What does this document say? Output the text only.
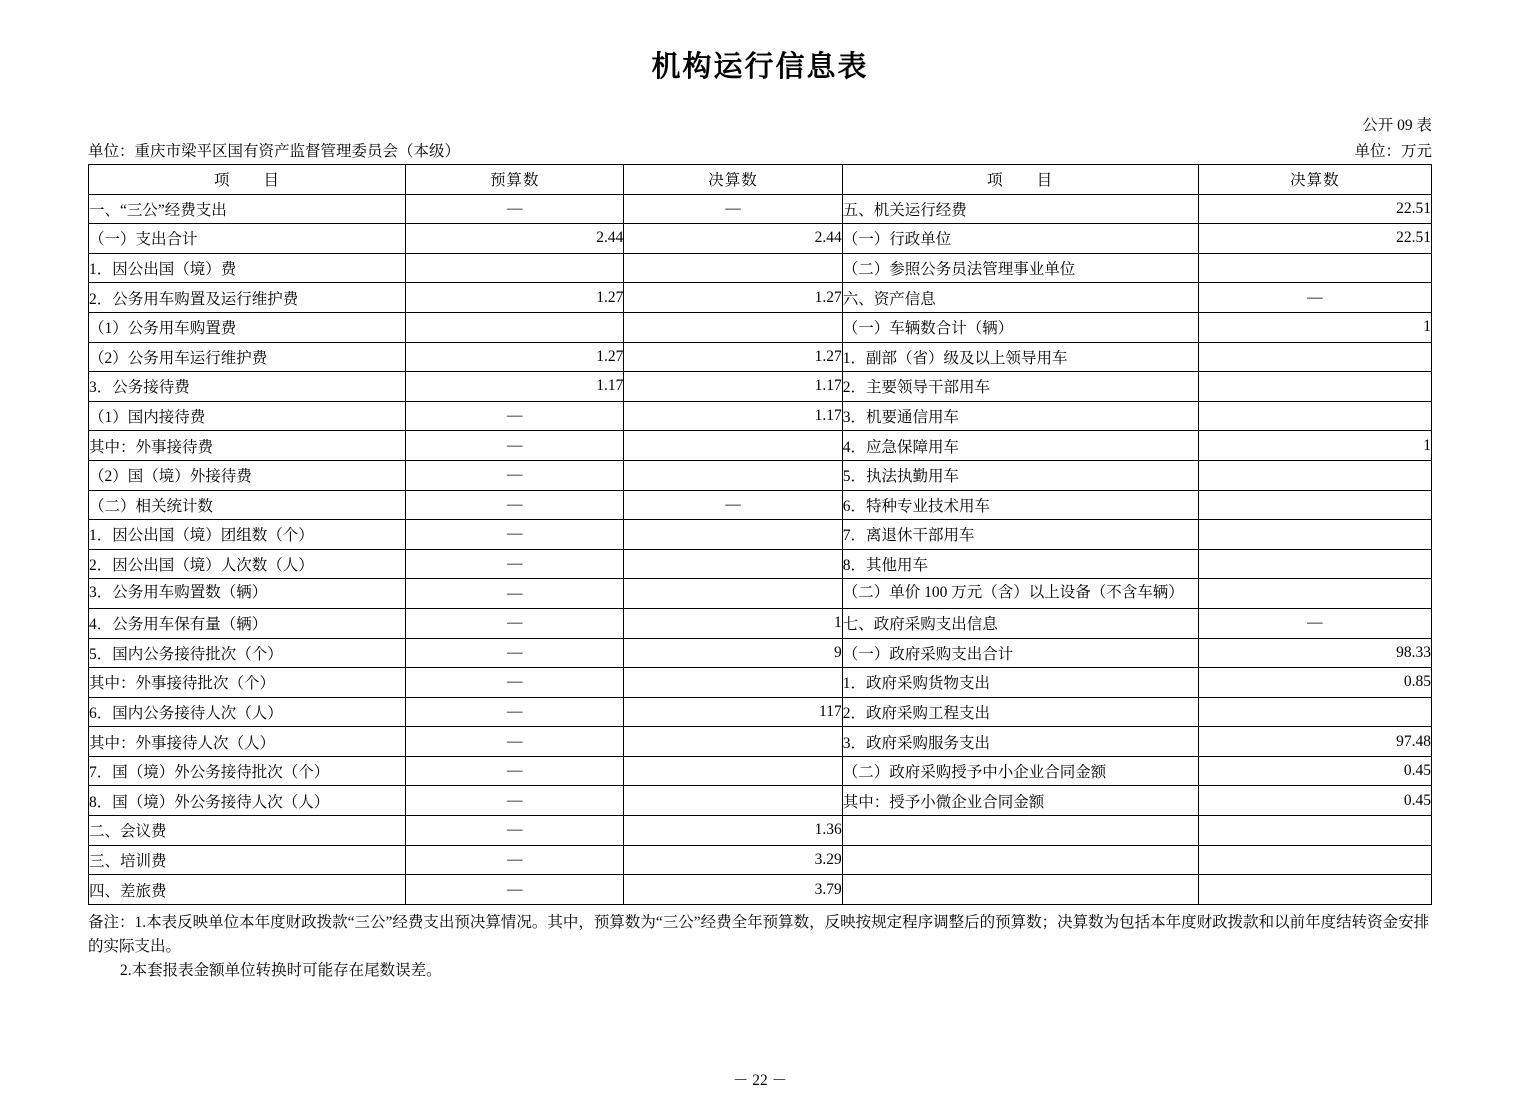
机构运行信息表
公开 09 表
单位：重庆市梁平区国有资产监督管理委员会（本级）	单位：万元
项　　目	预算数	决算数	项　　目	决算数
一、“三公”经费支出	—	—	五、机关运行经费	22.51
（一）支出合计	2.44	2.44	（一）行政单位	22.51
1．因公出国（境）费			（二）参照公务员法管理事业单位	
2．公务用车购置及运行维护费	1.27	1.27	六、资产信息	—
（1）公务用车购置费			（一）车辆数合计（辆）	1
（2）公务用车运行维护费	1.27	1.27	1．副部（省）级及以上领导用车	
3．公务接待费	1.17	1.17	2．主要领导干部用车	
（1）国内接待费	—	1.17	3．机要通信用车	
其中：外事接待费	—		4．应急保障用车	1
（2）国（境）外接待费	—		5．执法执勤用车	
（二）相关统计数	—	—	6．特种专业技术用车	
1．因公出国（境）团组数（个）	—		7．离退休干部用车	
2．因公出国（境）人次数（人）	—		8．其他用车	
3．公务用车购置数（辆）	—		（二）单价 100 万元（含）以上设备（不含车辆）	
4．公务用车保有量（辆）	—	1	七、政府采购支出信息	—
5．国内公务接待批次（个）	—	9	（一）政府采购支出合计	98.33
其中：外事接待批次（个）	—		1．政府采购货物支出	0.85
6．国内公务接待人次（人）	—	117	2．政府采购工程支出	
其中：外事接待人次（人）	—		3．政府采购服务支出	97.48
7．国（境）外公务接待批次（个）	—		（二）政府采购授予中小企业合同金额	0.45
8．国（境）外公务接待人次（人）	—		其中：授予小微企业合同金额	0.45
二、会议费	—	1.36		
三、培训费	—	3.29		
四、差旅费	—	3.79		

备注：1.本表反映单位本年度财政拨款“三公”经费支出预决算情况。其中，预算数为“三公”经费全年预算数，反映按规定程序调整后的预算数；决算数为包括本年度财政拨款和以前年度结转资金安排的实际支出。

2.本套报表金额单位转换时可能存在尾数误差。

－ 22 －
